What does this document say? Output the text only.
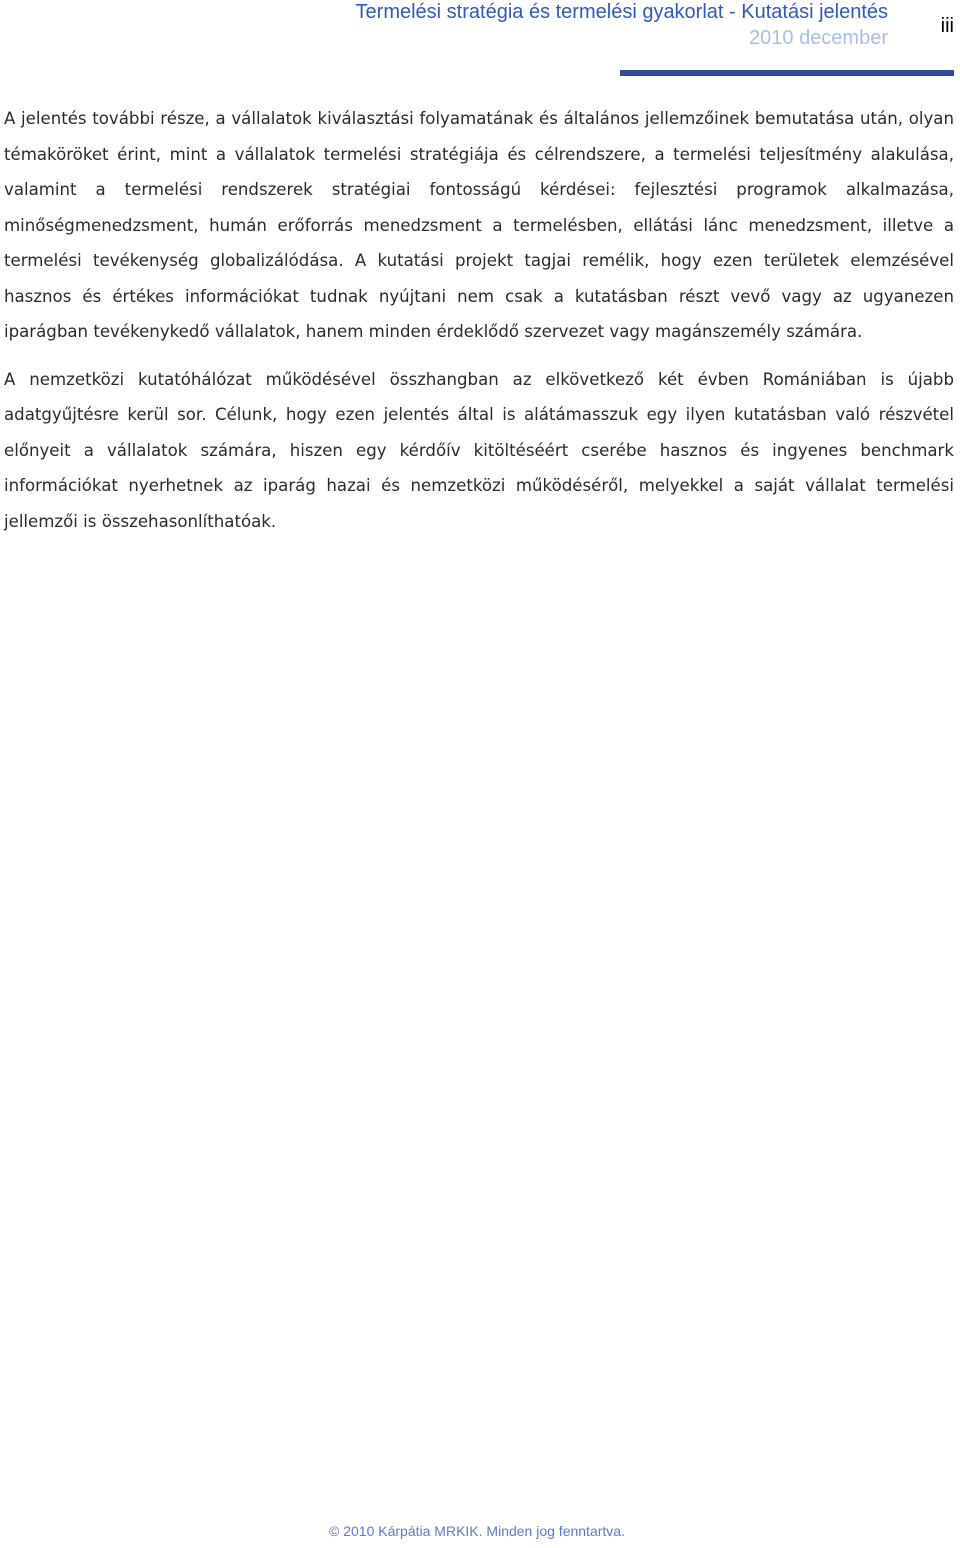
Termelési stratégia és termelési gyakorlat - Kutatási jelentés
2010 december
iii

A jelentés további része, a vállalatok kiválasztási folyamatának és általános jellemzőinek bemutatása után, olyan témaköröket érint, mint a vállalatok termelési stratégiája és célrendszere, a termelési teljesítmény alakulása, valamint a termelési rendszerek stratégiai fontosságú kérdései: fejlesztési programok alkalmazása, minőségmenedzsment, humán erőforrás menedzsment a termelésben, ellátási lánc menedzsment, illetve a termelési tevékenység globalizálódása. A kutatási projekt tagjai remélik, hogy ezen területek elemzésével hasznos és értékes információkat tudnak nyújtani nem csak a kutatásban részt vevő vagy az ugyanezen iparágban tevékenykedő vállalatok, hanem minden érdeklődő szervezet vagy magánszemély számára.

A nemzetközi kutatóhálózat működésével összhangban az elkövetkező két évben Romániában is újabb adatgyűjtésre kerül sor. Célunk, hogy ezen jelentés által is alátámasszuk egy ilyen kutatásban való részvétel előnyeit a vállalatok számára, hiszen egy kérdőív kitöltéséért cserébe hasznos és ingyenes benchmark információkat nyerhetnek az iparág hazai és nemzetközi működéséről, melyekkel a saját vállalat termelési jellemzői is összehasonlíthatóak.

© 2010 Kárpátia MRKIK. Minden jog fenntartva.
